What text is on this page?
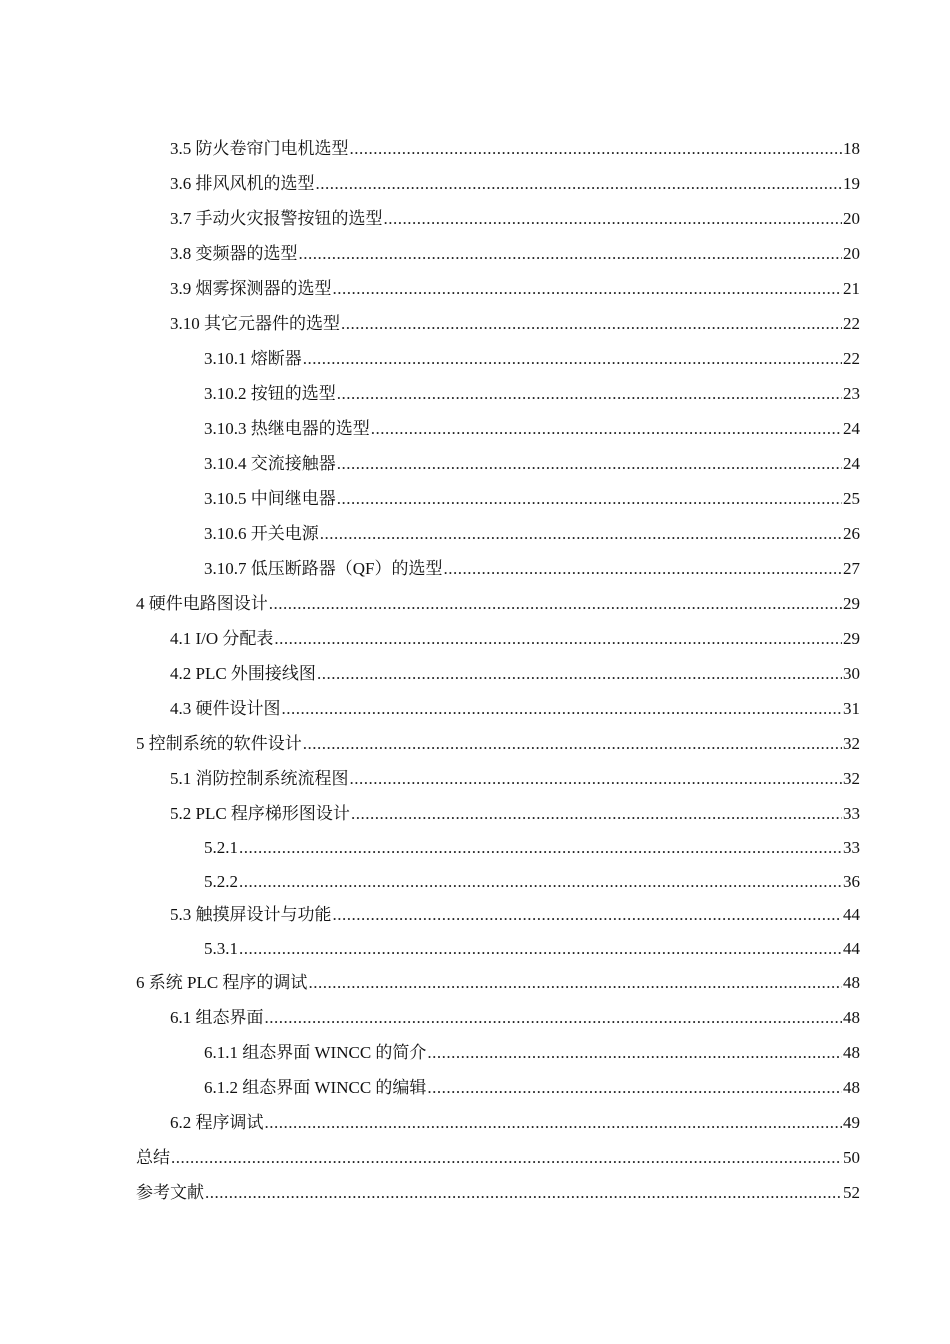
3.5 防火卷帘门电机选型 .....	18
3.6 排风风机的选型 .....	19
3.7 手动火灾报警按钮的选型 .....	20
3.8 变频器的选型 .....	20
3.9 烟雾探测器的选型 .....	21
3.10 其它元器件的选型 .....	22
3.10.1 熔断器 .....	22
3.10.2 按钮的选型 .....	23
3.10.3 热继电器的选型 .....	24
3.10.4 交流接触器 .....	24
3.10.5 中间继电器 .....	25
3.10.6 开关电源 .....	26
3.10.7 低压断路器（QF）的选型 .....	27
4 硬件电路图设计 .....	29
4.1 I/O 分配表 .....	29
4.2 PLC 外围接线图 .....	30
4.3 硬件设计图 .....	31
5 控制系统的软件设计 .....	32
5.1 消防控制系统流程图 .....	32
5.2 PLC 程序梯形图设计 .....	33
5.2.1 .....	33
5.2.2 .....	36
5.3 触摸屏设计与功能 .....	44
5.3.1 .....	44
6 系统 PLC 程序的调试 .....	48
6.1 组态界面 .....	48
6.1.1 组态界面 WINCC 的简介 .....	48
6.1.2 组态界面 WINCC 的编辑 .....	48
6.2 程序调试 .....	49
总结 .....	50
参考文献 .....	52
